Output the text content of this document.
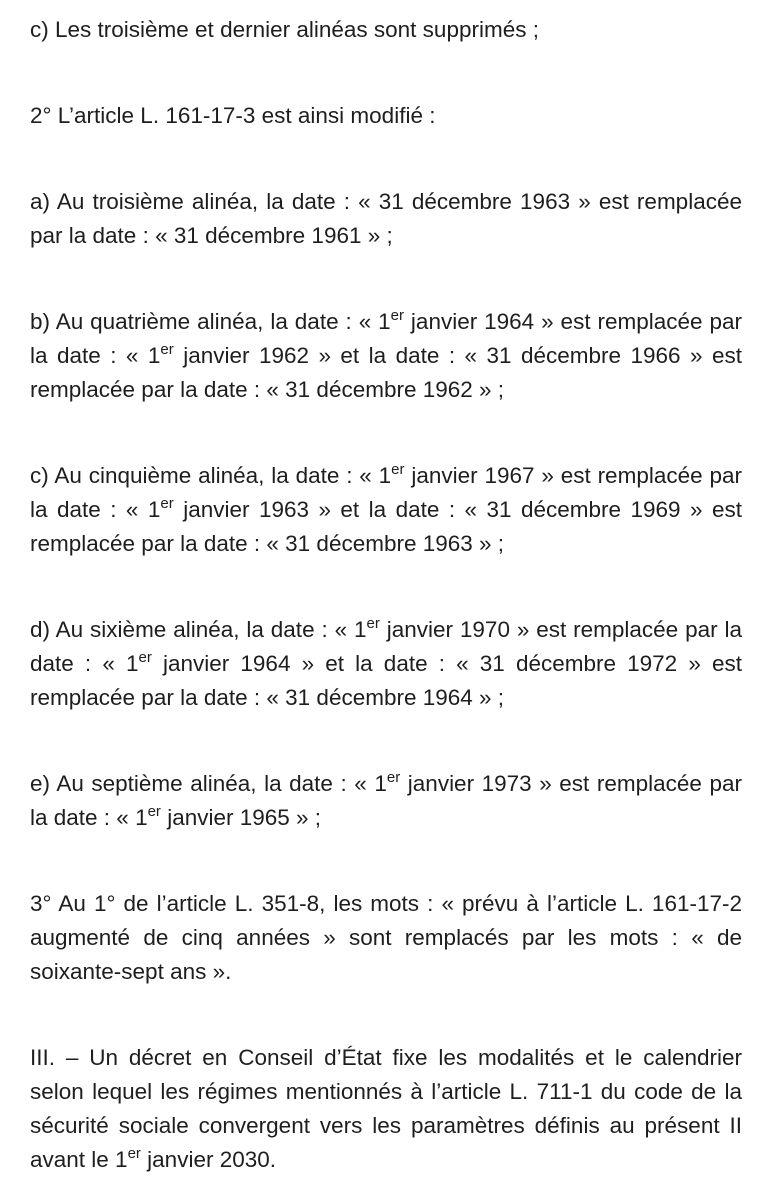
c) Les troisième et dernier alinéas sont supprimés ;

2° L’article L. 161-17-3 est ainsi modifié :

a) Au troisième alinéa, la date : « 31 décembre 1963 » est remplacée par la date : « 31 décembre 1961 » ;

b) Au quatrième alinéa, la date : « 1er janvier 1964 » est remplacée par la date : « 1er janvier 1962 » et la date : « 31 décembre 1966 » est remplacée par la date : « 31 décembre 1962 » ;

c) Au cinquième alinéa, la date : « 1er janvier 1967 » est remplacée par la date : « 1er janvier 1963 » et la date : « 31 décembre 1969 » est remplacée par la date : « 31 décembre 1963 » ;

d) Au sixième alinéa, la date : « 1er janvier 1970 » est remplacée par la date : « 1er janvier 1964 » et la date : « 31 décembre 1972 » est remplacée par la date : « 31 décembre 1964 » ;

e) Au septième alinéa, la date : « 1er janvier 1973 » est remplacée par la date : « 1er janvier 1965 » ;

3° Au 1° de l’article L. 351-8, les mots : « prévu à l’article L. 161-17-2 augmenté de cinq années » sont remplacés par les mots : « de soixante-sept ans ».

III. – Un décret en Conseil d’État fixe les modalités et le calendrier selon lequel les régimes mentionnés à l’article L. 711-1 du code de la sécurité sociale convergent vers les paramètres définis au présent II avant le 1er janvier 2030.
